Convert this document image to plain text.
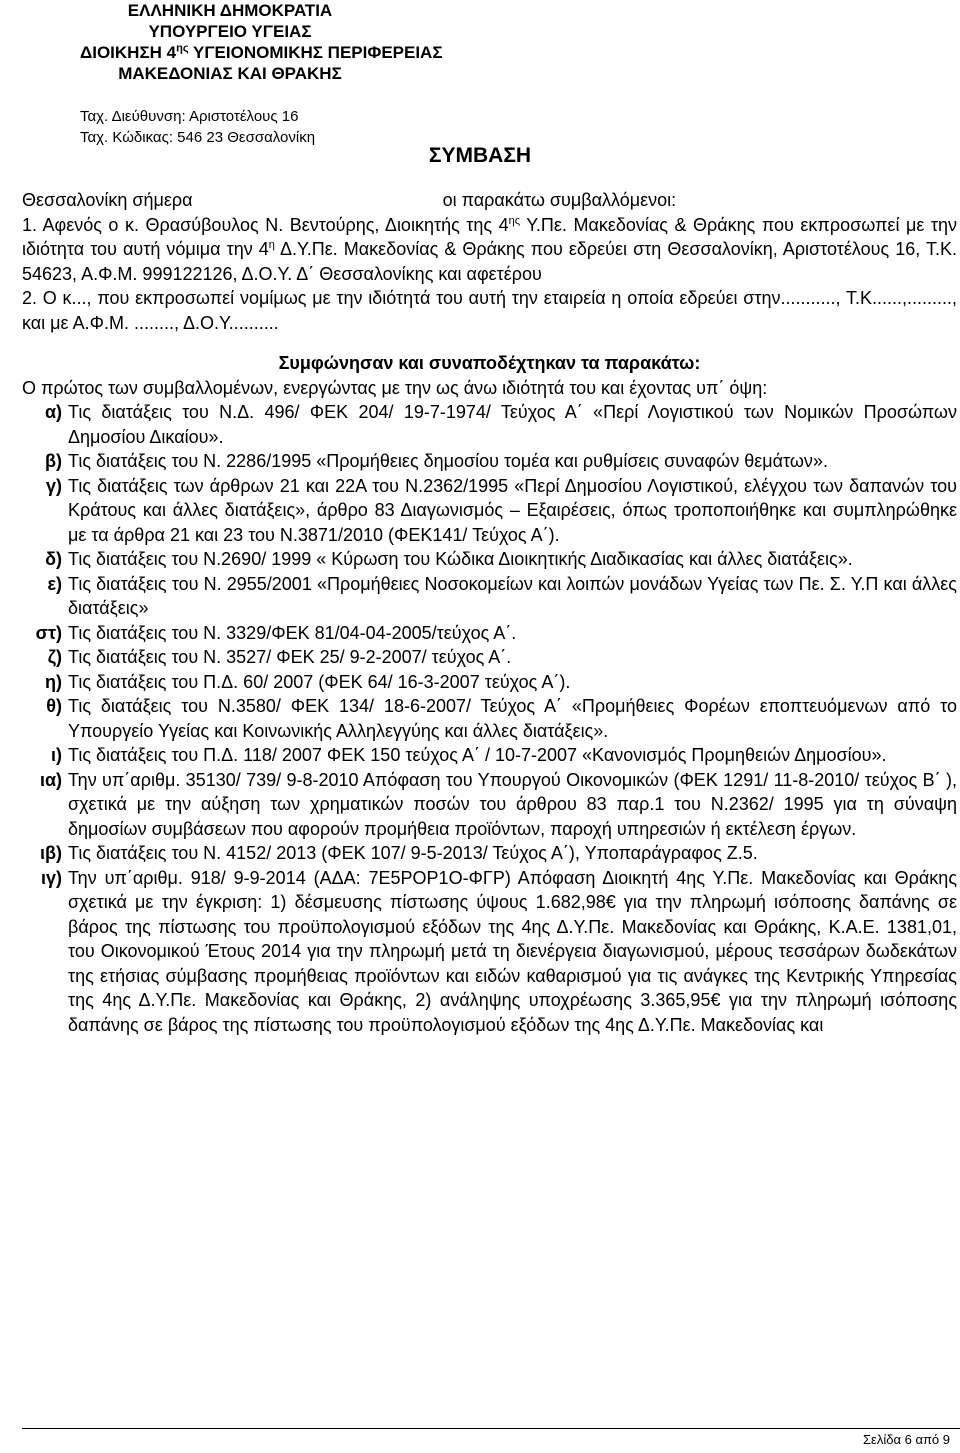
ΕΛΛΗΝΙΚΗ ΔΗΜΟΚΡΑΤΙΑ
ΥΠΟΥΡΓΕΙΟ ΥΓΕΙΑΣ
ΔΙΟΙΚΗΣΗ $4^{\eta\varsigma}$ ΥΓΕΙΟΝΟΜΙΚΗΣ ΠΕΡΙΦΕΡΕΙΑΣ
ΜΑΚΕΔΟΝΙΑΣ ΚΑΙ ΘΡΑΚΗΣ
Ταχ. Διεύθυνση: Αριστοτέλους 16
Ταχ. Κώδικας: 546 23 Θεσσαλονίκη
ΣΥΜΒΑΣΗ

Θεσσαλονίκη σήμερα	οι παρακάτω συμβαλλόμενοι:

1. Αφενός ο κ. Θρασύβουλος Ν. Βεντούρης, Διοικητής της $4^{\eta\varsigma}$ Υ.Πε. Μακεδονίας & Θράκης που εκπροσωπεί με την ιδιότητα του αυτή νόμιμα την $4^\eta$ Δ.Υ.Πε. Μακεδονίας & Θράκης που εδρεύει στη Θεσσαλονίκη, Αριστοτέλους 16, Τ.Κ. 54623, Α.Φ.Μ. 999122126, Δ.Ο.Υ. Δ΄ Θεσσαλονίκης και αφετέρου

2. Ο κ..., που εκπροσωπεί νομίμως με την ιδιότητά του αυτή την εταιρεία η οποία εδρεύει στην..........., Τ.Κ......,........., και με Α.Φ.Μ. ........, Δ.Ο.Υ..........

Συμφώνησαν και συναποδέχτηκαν τα παρακάτω:

Ο πρώτος των συμβαλλομένων, ενεργώντας με την ως άνω ιδιότητά του και έχοντας υπ΄ όψη:

α) Τις διατάξεις του Ν.Δ. 496/ ΦΕΚ 204/ 19-7-1974/ Τεύχος Α΄ «Περί Λογιστικού των Νομικών Προσώπων Δημοσίου Δικαίου».
β) Τις διατάξεις του Ν. 2286/1995 «Προμήθειες δημοσίου τομέα και ρυθμίσεις συναφών θεμάτων».
γ) Τις διατάξεις των άρθρων 21 και 22Α του Ν.2362/1995 «Περί Δημοσίου Λογιστικού, ελέγχου των δαπανών του Κράτους και άλλες διατάξεις», άρθρο 83 Διαγωνισμός – Εξαιρέσεις, όπως τροποποιήθηκε και συμπληρώθηκε με τα άρθρα 21 και 23 του Ν.3871/2010 (ΦΕΚ141/ Τεύχος Α΄).
δ) Τις διατάξεις του Ν.2690/ 1999 « Κύρωση του Κώδικα Διοικητικής Διαδικασίας και άλλες διατάξεις».
ε) Τις διατάξεις του Ν. 2955/2001 «Προμήθειες Νοσοκομείων και λοιπών μονάδων Υγείας των Πε. Σ. Υ.Π και άλλες διατάξεις»
στ) Τις διατάξεις του Ν. 3329/ΦΕΚ 81/04-04-2005/τεύχος Α΄.
ζ) Τις διατάξεις του Ν. 3527/ ΦΕΚ 25/ 9-2-2007/ τεύχος Α΄.
η) Τις διατάξεις του Π.Δ. 60/ 2007 (ΦΕΚ 64/ 16-3-2007 τεύχος Α΄).
θ) Τις διατάξεις του Ν.3580/ ΦΕΚ 134/ 18-6-2007/ Τεύχος Α΄ «Προμήθειες Φορέων εποπτευόμενων από το Υπουργείο Υγείας και Κοινωνικής Αλληλεγγύης και άλλες διατάξεις».
ι) Τις διατάξεις του Π.Δ. 118/ 2007 ΦΕΚ 150 τεύχος Α΄ / 10-7-2007 «Κανονισμός Προμηθειών Δημοσίου».
ια) Την υπ΄αριθμ. 35130/ 739/ 9-8-2010 Απόφαση του Υπουργού Οικονομικών (ΦΕΚ 1291/ 11-8-2010/ τεύχος Β΄ ), σχετικά με την αύξηση των χρηματικών ποσών του άρθρου 83 παρ.1 του Ν.2362/ 1995 για τη σύναψη δημοσίων συμβάσεων που αφορούν προμήθεια προϊόντων, παροχή υπηρεσιών ή εκτέλεση έργων.
ιβ) Τις διατάξεις του Ν. 4152/ 2013 (ΦΕΚ 107/ 9-5-2013/ Τεύχος Α΄), Υποπαράγραφος Ζ.5.
ιγ) Την υπ΄αριθμ. 918/ 9-9-2014 (ΑΔΑ: 7Ε5ΡΟΡ1Ο-ΦΓΡ) Απόφαση Διοικητή 4ης Υ.Πε. Μακεδονίας και Θράκης σχετικά με την έγκριση: 1) δέσμευσης πίστωσης ύψους 1.682,98€ για την πληρωμή ισόποσης δαπάνης σε βάρος της πίστωσης του προϋπολογισμού εξόδων της 4ης Δ.Υ.Πε. Μακεδονίας και Θράκης, Κ.Α.Ε. 1381,01, του Οικονομικού Έτους 2014 για την πληρωμή μετά τη διενέργεια διαγωνισμού, μέρους τεσσάρων δωδεκάτων της ετήσιας σύμβασης προμήθειας προϊόντων και ειδών καθαρισμού για τις ανάγκες της Κεντρικής Υπηρεσίας της 4ης Δ.Υ.Πε. Μακεδονίας και Θράκης, 2) ανάληψης υποχρέωσης 3.365,95€ για την πληρωμή ισόποσης δαπάνης σε βάρος της πίστωσης του προϋπολογισμού εξόδων της 4ης Δ.Υ.Πε. Μακεδονίας και
Σελίδα 6 από 9
